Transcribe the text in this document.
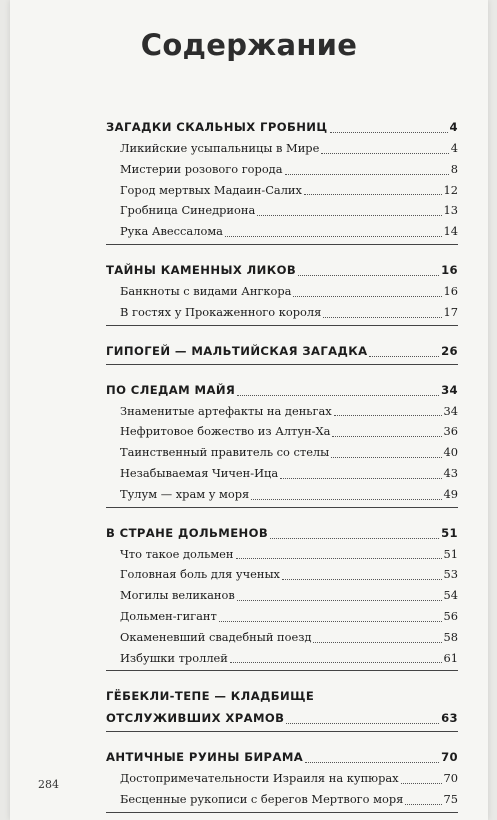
Содержание
ЗАГАДКИ СКАЛЬНЫХ ГРОБНИЦ	4
Ликийские усыпальницы в Мире	4
Мистерии розового города	8
Город мертвых Мадаин-Салих	12
Гробница Синедриона	13
Рука Авессалома	14
ТАЙНЫ КАМЕННЫХ ЛИКОВ	16
Банкноты с видами Ангкора	16
В гостях у Прокаженного короля	17
ГИПОГЕЙ — МАЛЬТИЙСКАЯ ЗАГАДКА	26
ПО СЛЕДАМ МАЙЯ	34
Знаменитые артефакты на деньгах	34
Нефритовое божество из Алтун-Ха	36
Таинственный правитель со стелы	40
Незабываемая Чичен-Ица	43
Тулум — храм у моря	49
В СТРАНЕ ДОЛЬМЕНОВ	51
Что такое дольмен	51
Головная боль для ученых	53
Могилы великанов	54
Дольмен-гигант	56
Окаменевший свадебный поезд	58
Избушки троллей	61
ГЁБЕКЛИ-ТЕПЕ — КЛАДБИЩЕ
ОТСЛУЖИВШИХ ХРАМОВ	63
АНТИЧНЫЕ РУИНЫ БИРАМА	70
Достопримечательности Израиля на купюрах	70
Бесценные рукописи с берегов Мертвого моря	75
284
